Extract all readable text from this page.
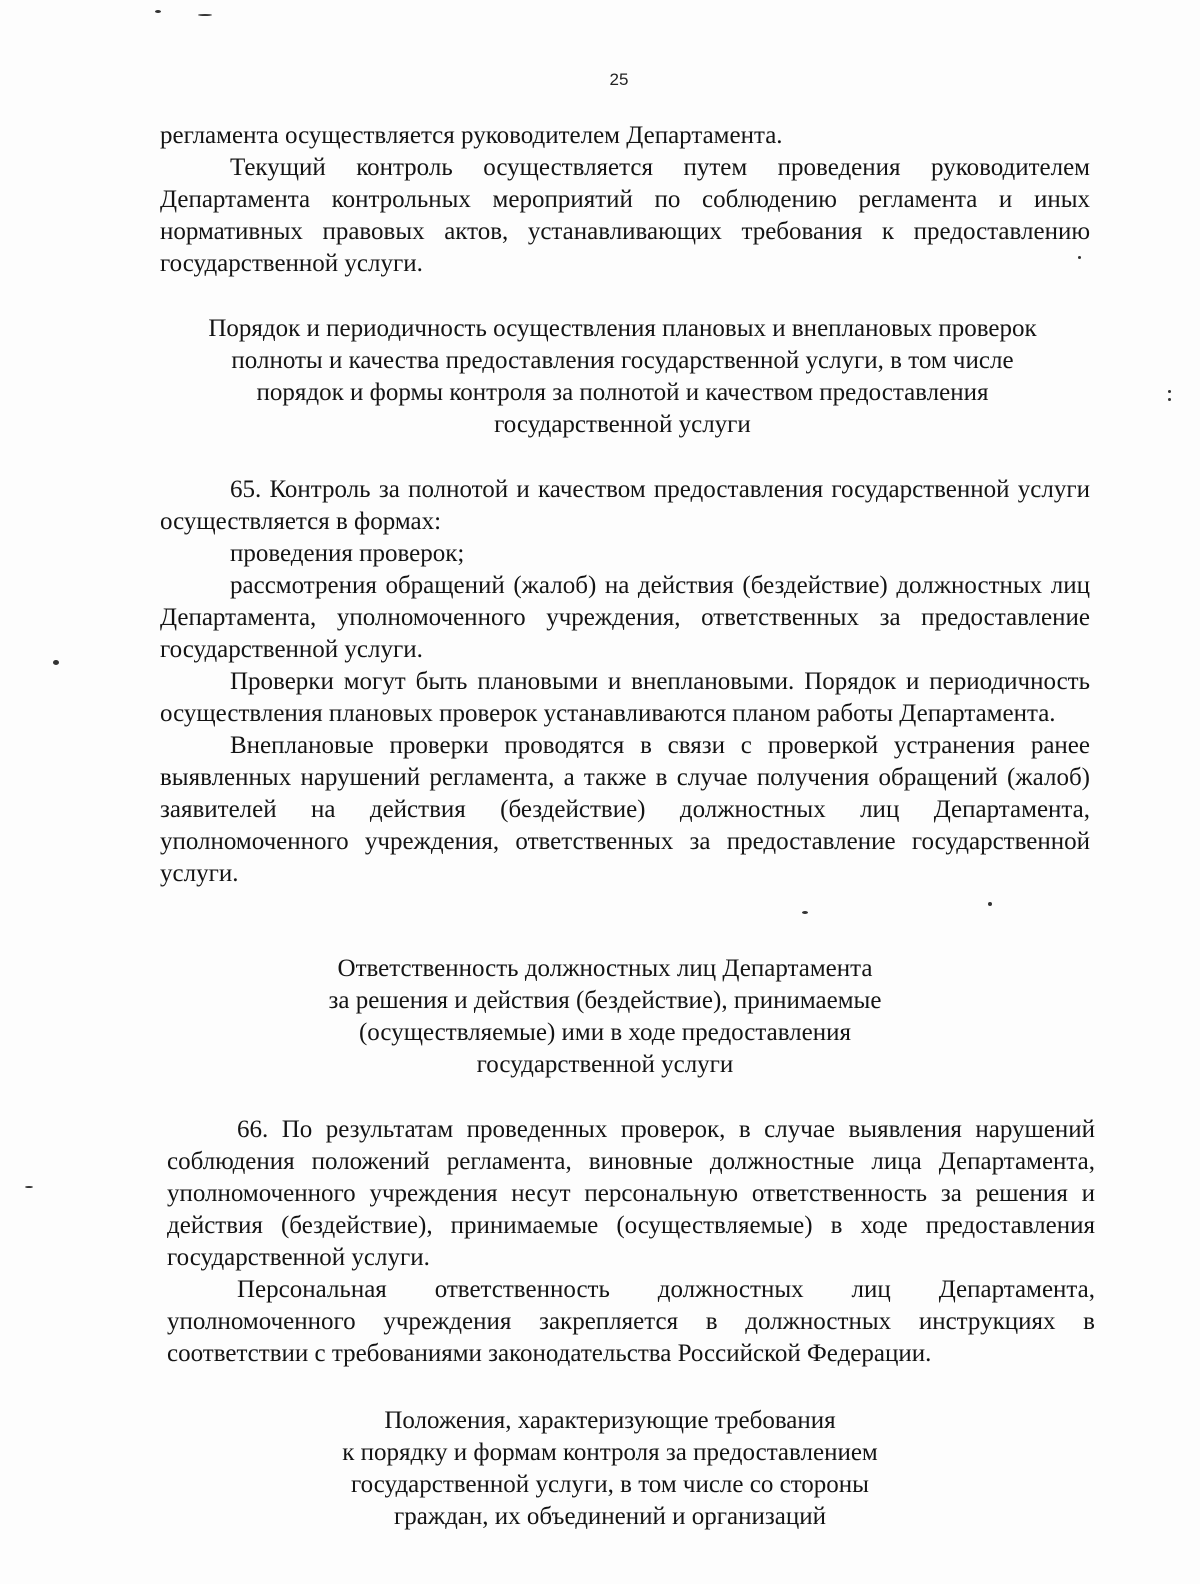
25

регламента осуществляется руководителем Департамента.

Текущий контроль осуществляется путем проведения руководителем Департамента контрольных мероприятий по соблюдению регламента и иных нормативных правовых актов, устанавливающих требования к предоставлению государственной услуги.

Порядок и периодичность осуществления плановых и внеплановых проверок
полноты и качества предоставления государственной услуги, в том числе
порядок и формы контроля за полнотой и качеством предоставления
государственной услуги

65. Контроль за полнотой и качеством предоставления государственной услуги осуществляется в формах:

проведения проверок;

рассмотрения обращений (жалоб) на действия (бездействие) должностных лиц Департамента, уполномоченного учреждения, ответственных за предоставление государственной услуги.

Проверки могут быть плановыми и внеплановыми. Порядок и периодичность осуществления плановых проверок устанавливаются планом работы Департамента.

Внеплановые проверки проводятся в связи с проверкой устранения ранее выявленных нарушений регламента, а также в случае получения обращений (жалоб) заявителей на действия (бездействие) должностных лиц Департамента, уполномоченного учреждения, ответственных за предоставление государственной услуги.

Ответственность должностных лиц Департамента
за решения и действия (бездействие), принимаемые
(осуществляемые) ими в ходе предоставления
государственной услуги

66. По результатам проведенных проверок, в случае выявления нарушений соблюдения положений регламента, виновные должностные лица Департамента, уполномоченного учреждения несут персональную ответственность за решения и действия (бездействие), принимаемые (осуществляемые) в ходе предоставления государственной услуги.

Персональная ответственность должностных лиц Департамента, уполномоченного учреждения закрепляется в должностных инструкциях в соответствии с требованиями законодательства Российской Федерации.

Положения, характеризующие требования
к порядку и формам контроля за предоставлением
государственной услуги, в том числе со стороны
граждан, их объединений и организаций
